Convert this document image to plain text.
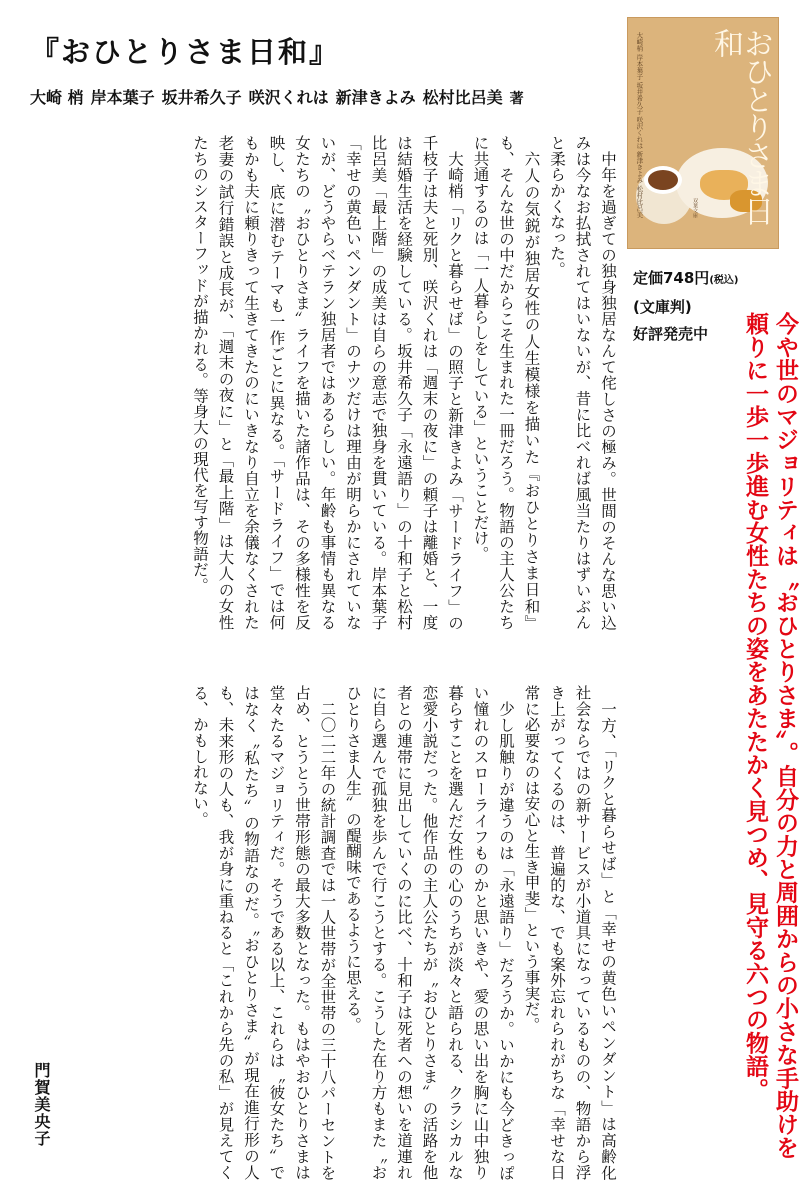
『おひとりさま日和』
大崎 梢 岸本葉子 坂井希久子 咲沢くれは 新津きよみ 松村比呂美 著	おひとりさま日和
大崎梢 岸本葉子 坂井希久子 咲沢くれは 新津きよみ 松村比呂美	双葉文庫
定価748円(税込)
(文庫判)
好評発売中	今や世のマジョリティは〝おひとりさま〟。自分の力と周囲からの小さな手助けを頼りに一歩一歩進む女性たちの姿をあたたかく見つめ、見守る六つの物語。

中年を過ぎての独身独居なんて侘しさの極み。世間のそんな思い込みは今なお払拭されてはいないが、昔に比べれば風当たりはずいぶんと柔らかくなった。

六人の気鋭が独居女性の人生模様を描いた『おひとりさま日和』も、そんな世の中だからこそ生まれた一冊だろう。物語の主人公たちに共通するのは「一人暮らしをしている」ということだけ。

大崎梢「リクと暮らせば」の照子と新津きよみ「サードライフ」の千枝子は夫と死別、咲沢くれは「週末の夜に」の頼子は離婚と、一度は結婚生活を経験している。坂井希久子「永遠語り」の十和子と松村比呂美「最上階」の成美は自らの意志で独身を貫いている。岸本葉子「幸せの黄色いペンダント」のナツだけは理由が明らかにされていないが、どうやらベテラン独居者ではあるらしい。年齢も事情も異なる女たちの〝おひとりさま〟ライフを描いた諸作品は、その多様性を反映し、底に潜むテーマも一作ごとに異なる。「サードライフ」では何もかも夫に頼りきって生きてきたのにいきなり自立を余儀なくされた老妻の試行錯誤と成長が、「週末の夜に」と「最上階」は大人の女性たちのシスターフッドが描かれる。等身大の現代を写す物語だ。

一方、「リクと暮らせば」と「幸せの黄色いペンダント」は高齢化社会ならではの新サービスが小道具になっているものの、物語から浮き上がってくるのは、普遍的な、でも案外忘れられがちな「幸せな日常に必要なのは安心と生き甲斐」という事実だ。

少し肌触りが違うのは「永遠語り」だろうか。いかにも今どきっぽい憧れのスローライフものかと思いきや、愛の思い出を胸に山中独り暮らすことを選んだ女性の心のうちが淡々と語られる、クラシカルな恋愛小説だった。他作品の主人公たちが〝おひとりさま〟の活路を他者との連帯に見出していくのに比べ、十和子は死者への想いを道連れに自ら選んで孤独を歩んで行こうとする。こうした在り方もまた〝おひとりさま人生〟の醍醐味であるように思える。

二〇二二年の統計調査では一人世帯が全世帯の三十八パーセントを占め、とうとう世帯形態の最大多数となった。もはやおひとりさまは堂々たるマジョリティだ。そうである以上、これらは〝彼女たち〟ではなく〝私たち〟の物語なのだ。〝おひとりさま〟が現在進行形の人も、未来形の人も、我が身に重ねると「これから先の私」が見えてくる、かもしれない。

門賀美央子
